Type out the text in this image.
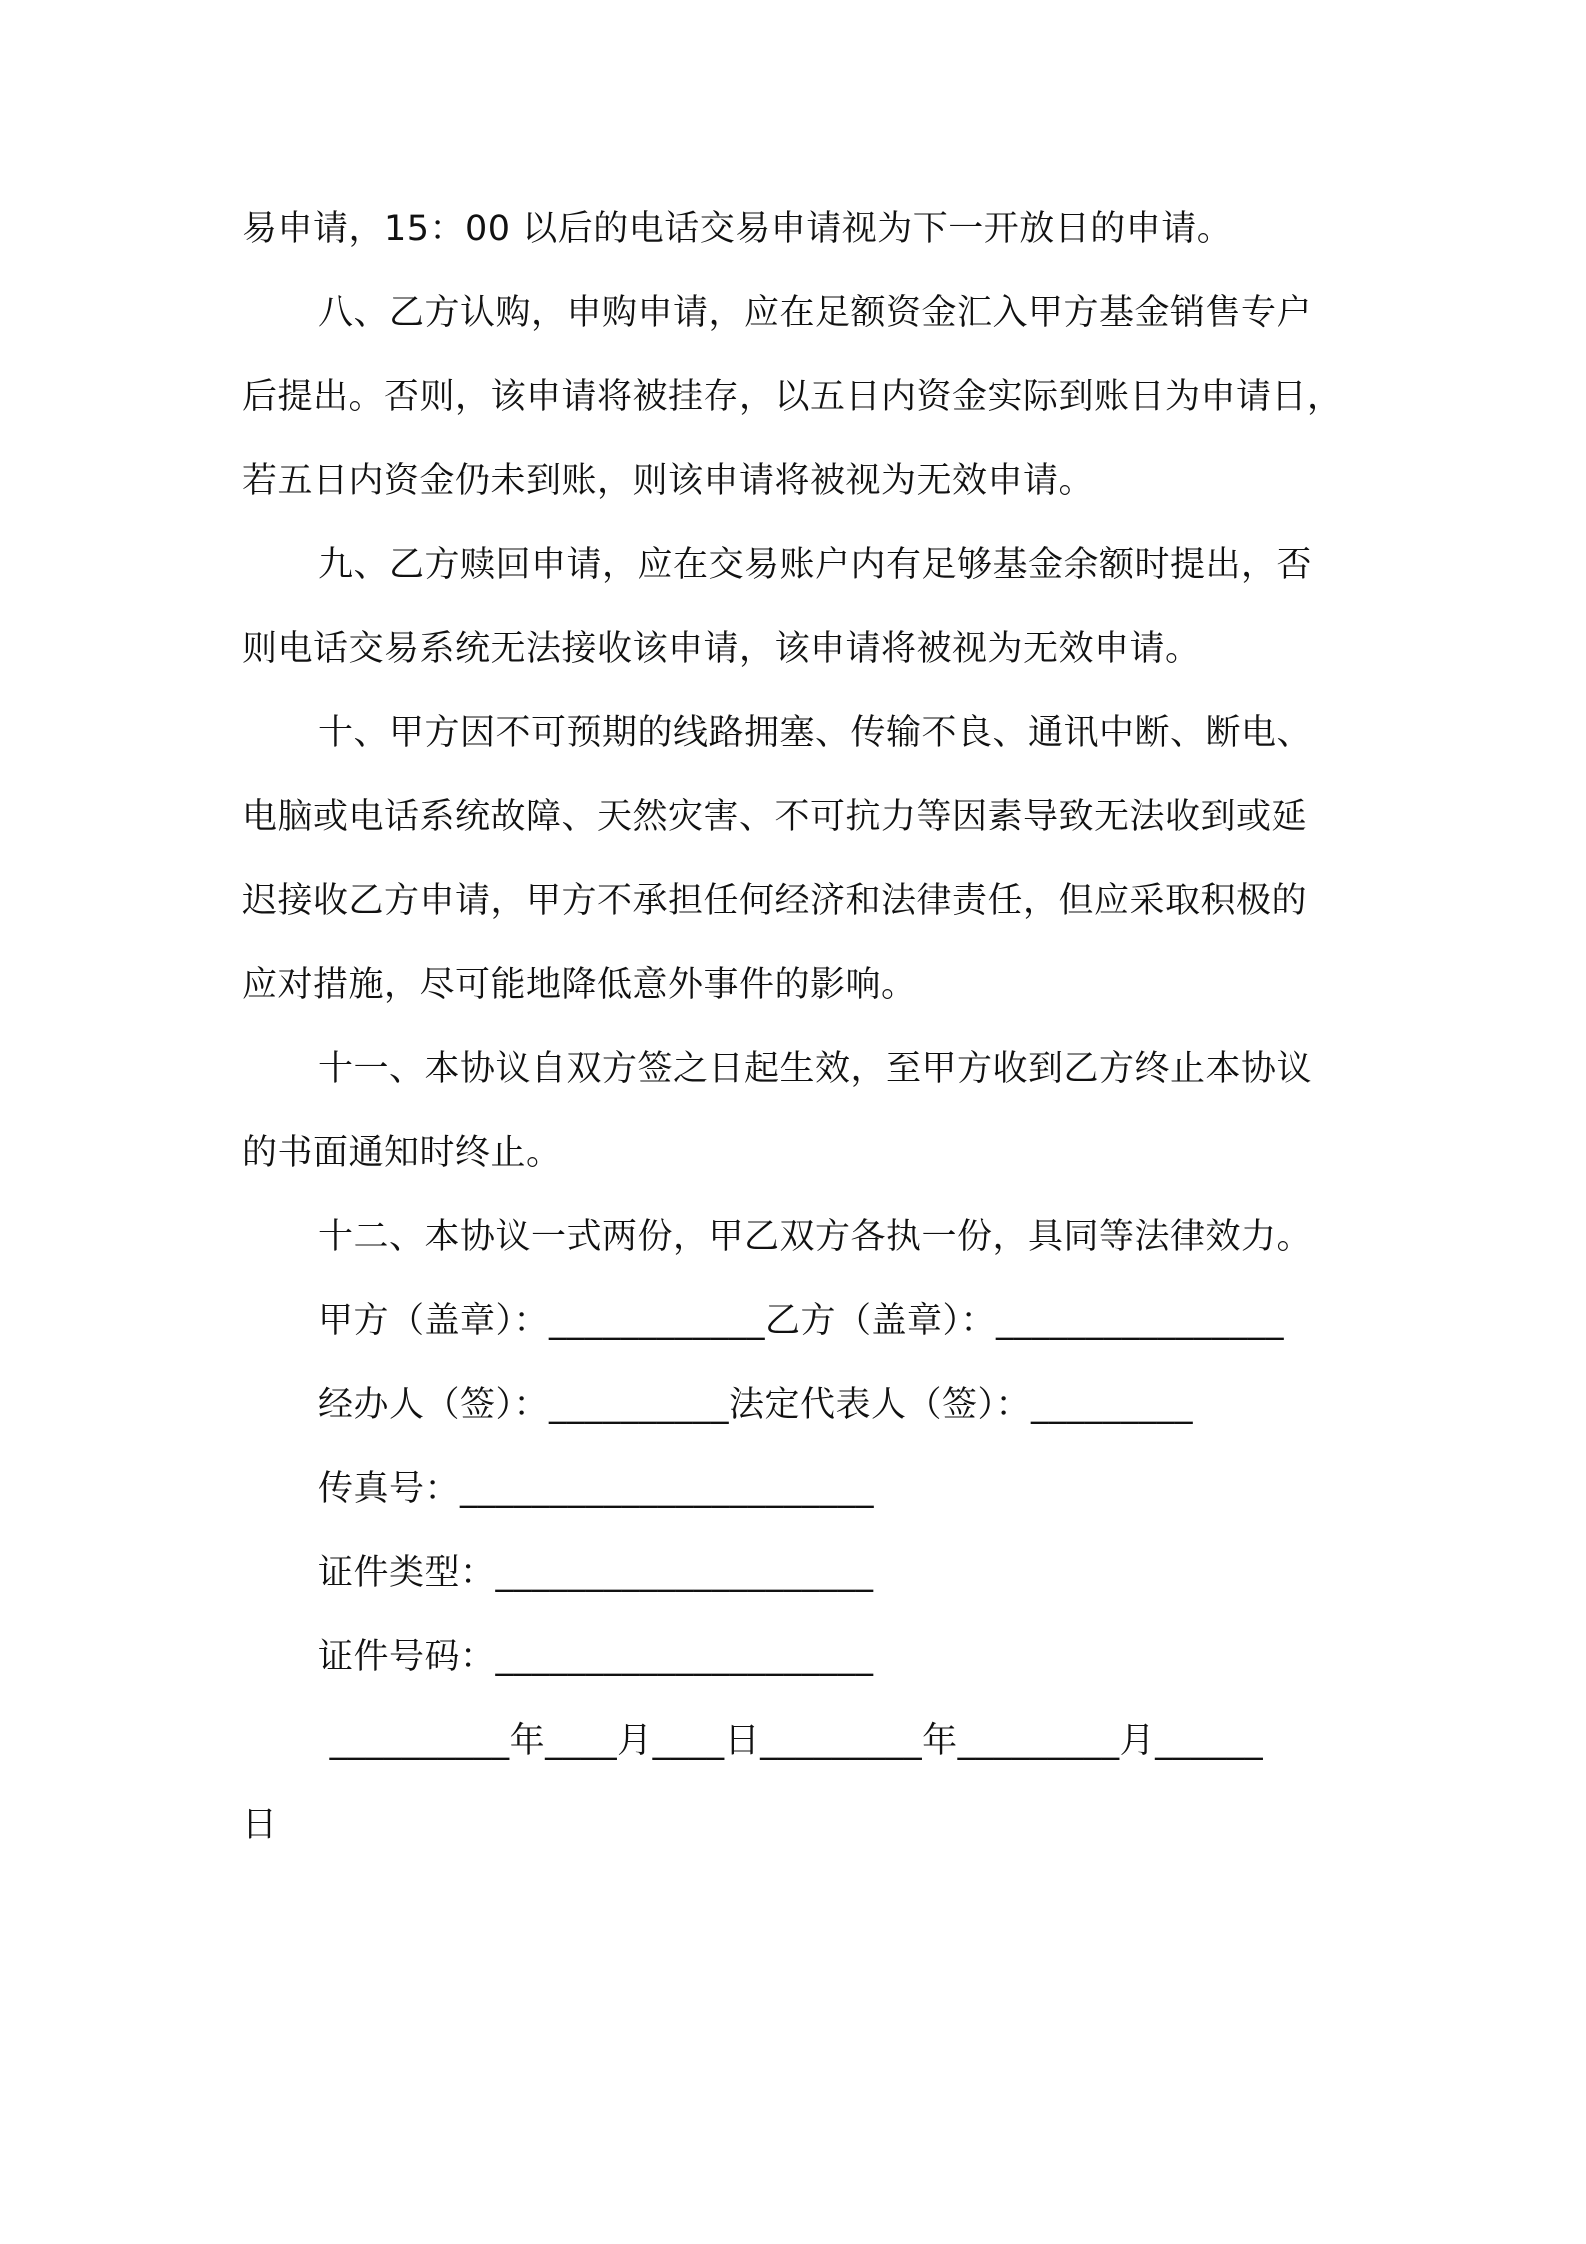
易申请，15：00 以后的电话交易申请视为下一开放日的申请。
八、乙方认购，申购申请，应在足额资金汇入甲方基金销售专户
后提出。否则，该申请将被挂存，以五日内资金实际到账日为申请日，
若五日内资金仍未到账，则该申请将被视为无效申请。
九、乙方赎回申请，应在交易账户内有足够基金余额时提出，否
则电话交易系统无法接收该申请，该申请将被视为无效申请。
十、甲方因不可预期的线路拥塞、传输不良、通讯中断、断电、
电脑或电话系统故障、天然灾害、不可抗力等因素导致无法收到或延
迟接收乙方申请，甲方不承担任何经济和法律责任，但应采取积极的
应对措施，尽可能地降低意外事件的影响。
十一、本协议自双方签之日起生效，至甲方收到乙方终止本协议
的书面通知时终止。
十二、本协议一式两份，甲乙双方各执一份，具同等法律效力。
甲方（盖章）：____________乙方（盖章）：________________
经办人（签）：__________法定代表人（签）：_________
传真号：_______________________
证件类型：_____________________
证件号码：_____________________
__________年____月____日_________年_________月______
日
